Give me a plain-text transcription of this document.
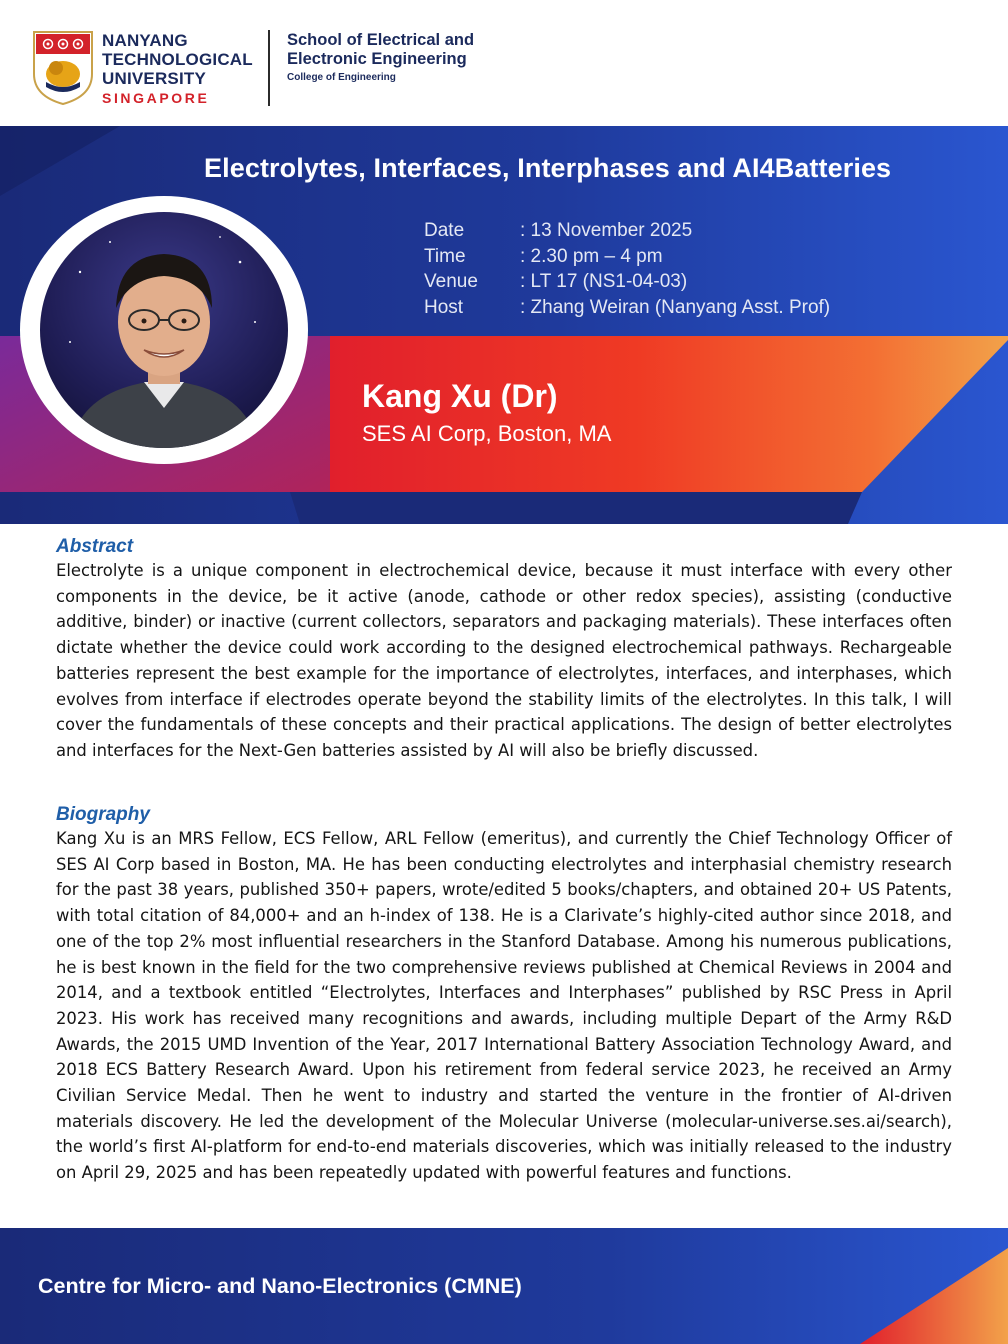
NANYANG
TECHNOLOGICAL
UNIVERSITY
SINGAPORE
School of Electrical and
Electronic Engineering
College of Engineering
Electrolytes, Interfaces, Interphases and AI4Batteries
Date	: 13 November 2025
Time	: 2.30 pm – 4 pm
Venue : LT 17 (NS1-04-03)
Host	: Zhang Weiran (Nanyang Asst. Prof)
Kang Xu (Dr)
SES AI Corp, Boston, MA
Abstract
Electrolyte is a unique component in electrochemical device, because it must interface with every other components in the device, be it active (anode, cathode or other redox species), assisting (conductive additive, binder) or inactive (current collectors, separators and packaging materials). These interfaces often dictate whether the device could work according to the designed electrochemical pathways. Rechargeable batteries represent the best example for the importance of electrolytes, interfaces, and interphases, which evolves from interface if electrodes operate beyond the stability limits of the electrolytes. In this talk, I will cover the fundamentals of these concepts and their practical applications. The design of better electrolytes and interfaces for the Next-Gen batteries assisted by AI will also be briefly discussed.
Biography
Kang Xu is an MRS Fellow, ECS Fellow, ARL Fellow (emeritus), and currently the Chief Technology Officer of SES AI Corp based in Boston, MA. He has been conducting electrolytes and interphasial chemistry research for the past 38 years, published 350+ papers, wrote/edited 5 books/chapters, and obtained 20+ US Patents, with total citation of 84,000+ and an h-index of 138. He is a Clarivate’s highly-cited author since 2018, and one of the top 2% most influential researchers in the Stanford Database. Among his numerous publications, he is best known in the field for the two comprehensive reviews published at Chemical Reviews in 2004 and 2014, and a textbook entitled “Electrolytes, Interfaces and Interphases” published by RSC Press in April 2023. His work has received many recognitions and awards, including multiple Depart of the Army R&D Awards, the 2015 UMD Invention of the Year, 2017 International Battery Association Technology Award, and 2018 ECS Battery Research Award. Upon his retirement from federal service 2023, he received an Army Civilian Service Medal. Then he went to industry and started the venture in the frontier of AI-driven materials discovery. He led the development of the Molecular Universe (molecular-universe.ses.ai/search), the world’s first AI-platform for end-to-end materials discoveries, which was initially released to the industry on April 29, 2025 and has been repeatedly updated with powerful features and functions.
Centre for Micro- and Nano-Electronics (CMNE)
